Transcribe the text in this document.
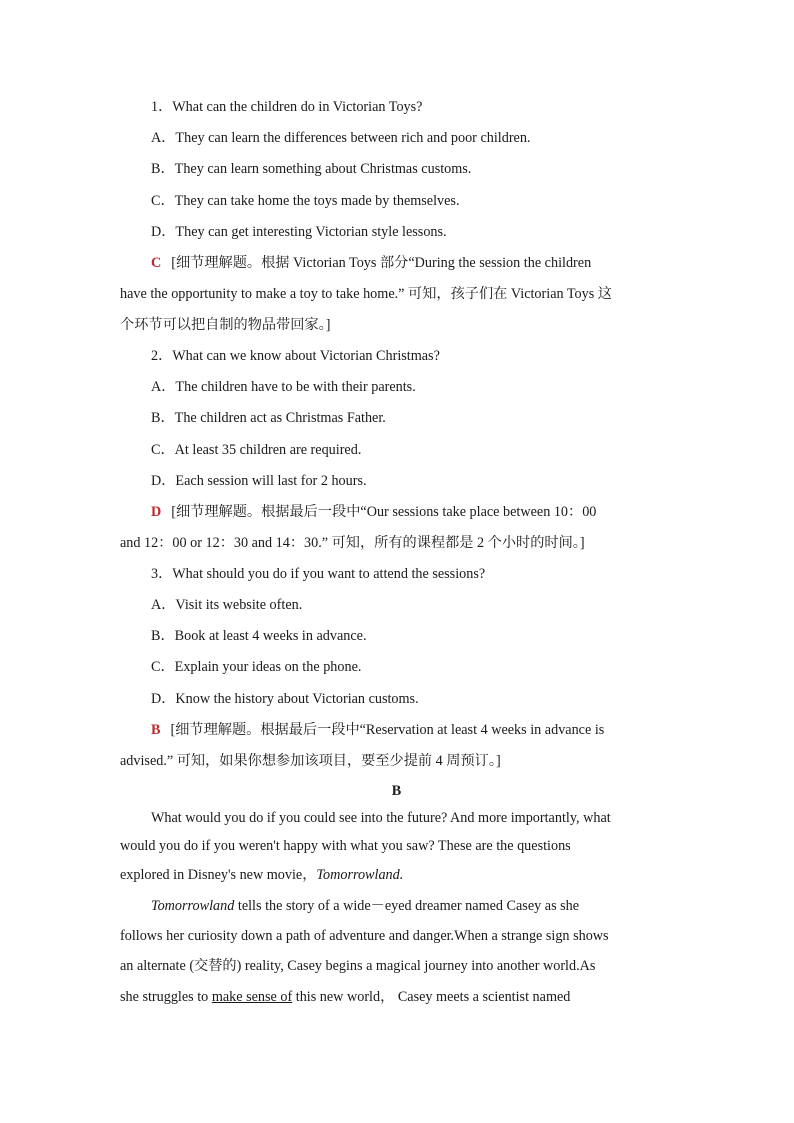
1．What can the children do in Victorian Toys?
A．They can learn the differences between rich and poor children.
B．They can learn something about Christmas customs.
C．They can take home the toys made by themselves.
D．They can get interesting Victorian style lessons.
C [细节理解题。根据 Victorian Toys 部分“During the session the children
have the opportunity to make a toy to take home.” 可知，孩子们在 Victorian Toys 这
个环节可以把自制的物品带回家。]
2．What can we know about Victorian Christmas?
A．The children have to be with their parents.
B．The children act as Christmas Father.
C．At least 35 children are required.
D．Each session will last for 2 hours.
D [细节理解题。根据最后一段中“Our sessions take place between 10：00
and 12：00 or 12：30 and 14：30.” 可知，所有的课程都是 2 个小时的时间。]
3．What should you do if you want to attend the sessions?
A．Visit its website often.
B．Book at least 4 weeks in advance.
C．Explain your ideas on the phone.
D．Know the history about Victorian customs.
B [细节理解题。根据最后一段中“Reservation at least 4 weeks in advance is
advised.” 可知，如果你想参加该项目，要至少提前 4 周预订。]
B
What would you do if you could see into the future? And more importantly, what
would you do if you weren't happy with what you saw? These are the questions
explored in Disney's new movie，Tomorrowland.
Tomorrowland tells the story of a wide－eyed dreamer named Casey as she
follows her curiosity down a path of adventure and danger.When a strange sign shows
an alternate (交替的) reality, Casey begins a magical journey into another world.As
she struggles to make sense of this new world， Casey meets a scientist named
